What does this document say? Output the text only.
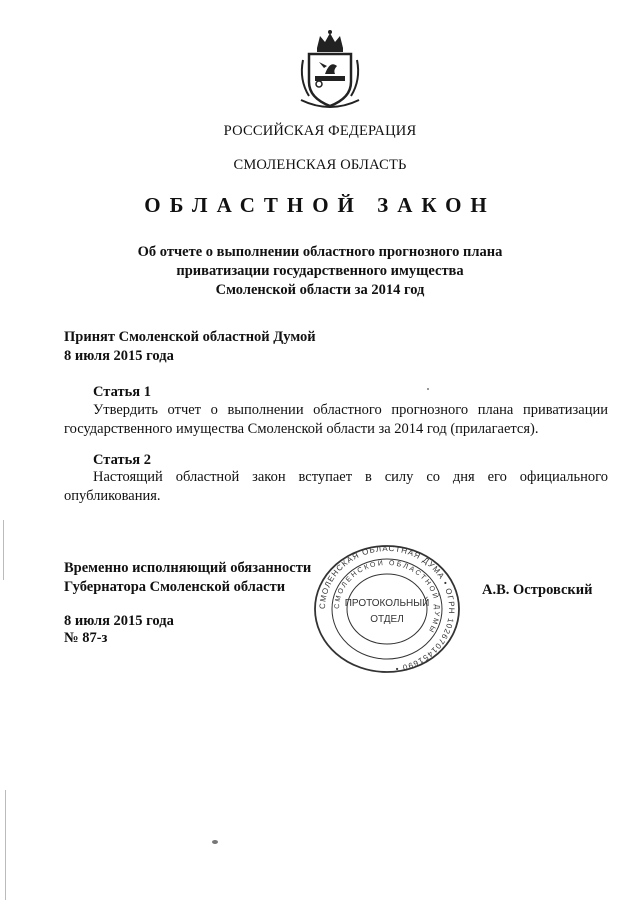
РОССИЙСКАЯ ФЕДЕРАЦИЯ
СМОЛЕНСКАЯ ОБЛАСТЬ
ОБЛАСТНОЙ ЗАКОН
Об отчете о выполнении областного прогнозного плана
приватизации государственного имущества
Смоленской области за 2014 год
Принят Смоленской областной Думой
8 июля 2015 года
Статья 1
Утвердить отчет о выполнении областного прогнозного плана приватизации государственного имущества Смоленской области за 2014 год (прилагается).
Статья 2
Настоящий областной закон вступает в силу со дня его официального опубликования.
Временно исполняющий обязанности
Губернатора Смоленской области	А.В. Островский
8 июля 2015 года
№ 87-з
СМОЛЕНСКАЯ ОБЛАСТНАЯ ДУМА • ОГРН 1026701451690 •
СМОЛЕНСКОЙ ОБЛАСТНОЙ ДУМЫ
ПРОТОКОЛЬНЫЙ
ОТДЕЛ
